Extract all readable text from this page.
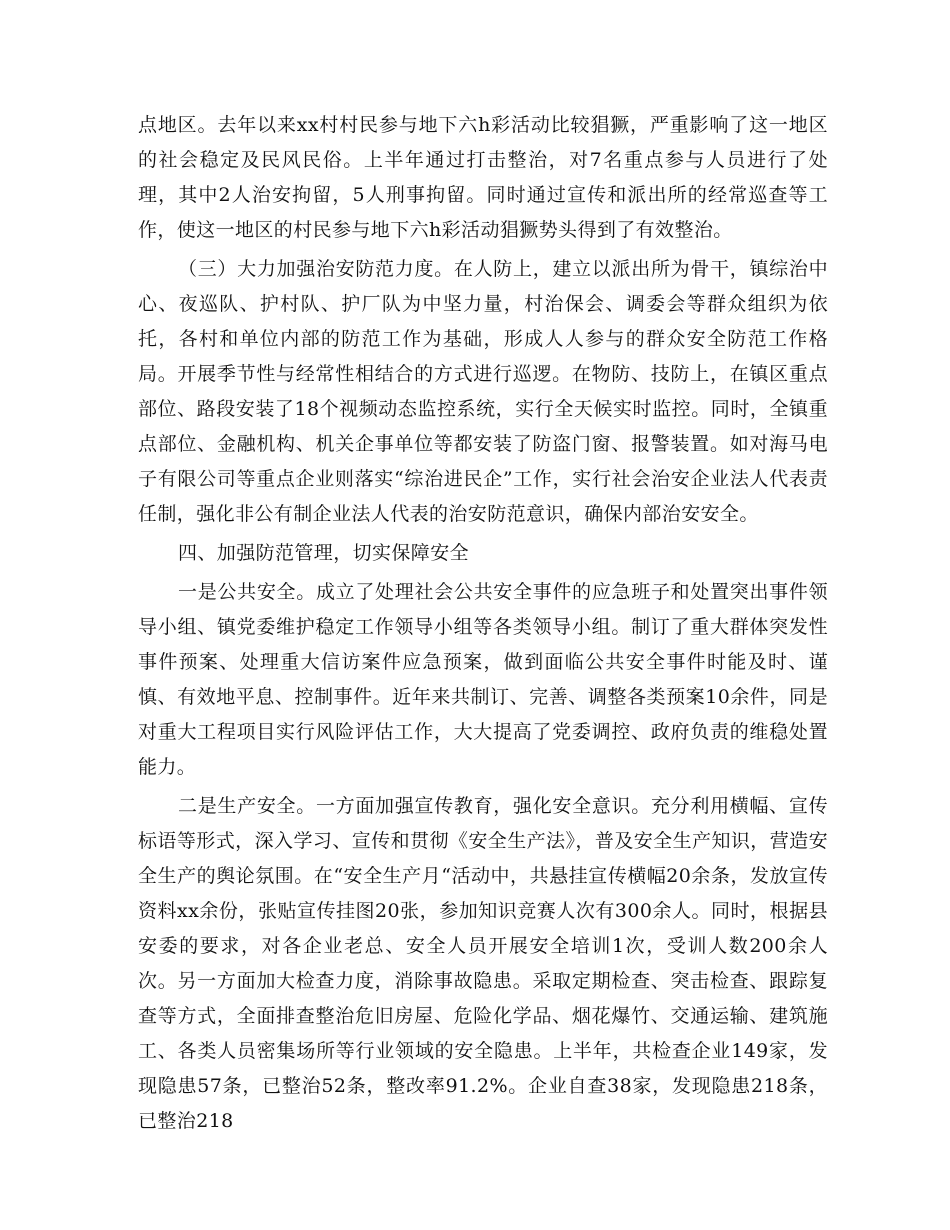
点地区。去年以来xx村村民参与地下六h彩活动比较猖獗，严重影响了这一地区的社会稳定及民风民俗。上半年通过打击整治，对7名重点参与人员进行了处理，其中2人治安拘留，5人刑事拘留。同时通过宣传和派出所的经常巡查等工作，使这一地区的村民参与地下六h彩活动猖獗势头得到了有效整治。

（三）大力加强治安防范力度。在人防上，建立以派出所为骨干，镇综治中心、夜巡队、护村队、护厂队为中坚力量，村治保会、调委会等群众组织为依托，各村和单位内部的防范工作为基础，形成人人参与的群众安全防范工作格局。开展季节性与经常性相结合的方式进行巡逻。在物防、技防上，在镇区重点部位、路段安装了18个视频动态监控系统，实行全天候实时监控。同时，全镇重点部位、金融机构、机关企事单位等都安装了防盗门窗、报警装置。如对海马电子有限公司等重点企业则落实“综治进民企”工作，实行社会治安企业法人代表责任制，强化非公有制企业法人代表的治安防范意识，确保内部治安安全。

四、加强防范管理，切实保障安全

一是公共安全。成立了处理社会公共安全事件的应急班子和处置突出事件领导小组、镇党委维护稳定工作领导小组等各类领导小组。制订了重大群体突发性事件预案、处理重大信访案件应急预案，做到面临公共安全事件时能及时、谨慎、有效地平息、控制事件。近年来共制订、完善、调整各类预案10余件，同是对重大工程项目实行风险评估工作，大大提高了党委调控、政府负责的维稳处置能力。

二是生产安全。一方面加强宣传教育，强化安全意识。充分利用横幅、宣传标语等形式，深入学习、宣传和贯彻《安全生产法》，普及安全生产知识，营造安全生产的舆论氛围。在“安全生产月“活动中，共悬挂宣传横幅20余条，发放宣传资料xx余份，张贴宣传挂图20张，参加知识竞赛人次有300余人。同时，根据县安委的要求，对各企业老总、安全人员开展安全培训1次，受训人数200余人次。另一方面加大检查力度，消除事故隐患。采取定期检查、突击检查、跟踪复查等方式，全面排查整治危旧房屋、危险化学品、烟花爆竹、交通运输、建筑施工、各类人员密集场所等行业领域的安全隐患。上半年，共检查企业149家，发现隐患57条，已整治52条，整改率91.2%。企业自查38家，发现隐患218条，已整治218
